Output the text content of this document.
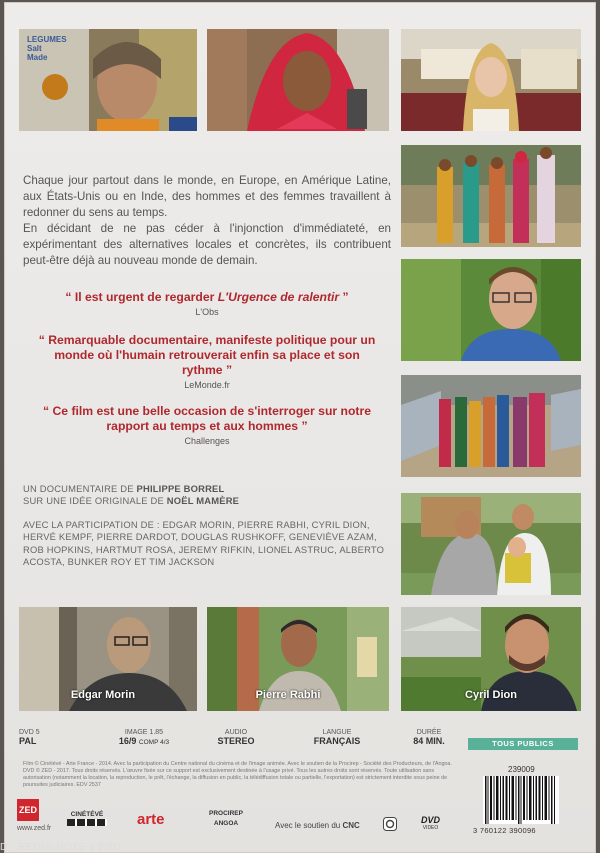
LEGUMES
Salt
Made

Chaque jour partout dans le monde, en Europe, en Amérique Latine, aux États-Unis ou en Inde, des hommes et des femmes travaillent à redonner du sens au temps.

En décidant de ne pas céder à l'injonction d'immédiateté, en expérimentant des alternatives locales et concrètes, ils contribuent peut-être déjà au nouveau monde de demain.

“ Il est urgent de regarder L'Urgence de ralentir ”
L'Obs
“ Remarquable documentaire, manifeste politique pour un monde où l'humain retrouverait enfin sa place et son rythme ”
LeMonde.fr
“ Ce film est une belle occasion de s'interroger sur notre rapport au temps et aux hommes ”
Challenges
UN DOCUMENTAIRE DE PHILIPPE BORREL
SUR UNE IDÉE ORIGINALE DE NOËL MAMÈRE
AVEC LA PARTICIPATION DE : EDGAR MORIN, PIERRE RABHI, CYRIL DION, HERVÉ KEMPF, PIERRE DARDOT, DOUGLAS RUSHKOFF, GENEVIÈVE AZAM, ROB HOPKINS, HARTMUT ROSA, JEREMY RIFKIN, LIONEL ASTRUC, ALBERTO ACOSTA, BUNKER ROY ET TIM JACKSON
Edgar Morin	Pierre Rabhi	Cyril Dion
DVD 5
PAL
IMAGE 1.85
16/9 COMP 4/3
AUDIO
STEREO
LANGUE
FRANÇAIS
DURÉE
84 MIN.	TOUS PUBLICS
Film © Cinétévé - Arte France - 2014. Avec la participation du Centre national du cinéma et de l'image animée. Avec le soutien de la Procirep - Société des Producteurs, de l'Angoa. DVD © ZED - 2017. Tous droits réservés. L'œuvre fixée sur ce support est exclusivement destinée à l'usage privé. Tous les autres droits sont réservés. Toute utilisation sans autorisation (notamment la location, la reproduction, le prêt, l'échange, la diffusion en public, la télédiffusion totale ou partielle, l'exportation) est strictement interdite sous peine de poursuites judiciaires. EDV 2537
239009
3 760122 390096
ZED
www.zed.fr
CINÉTÉVÉ arte	PROCIREP
ANGOA	Avec le soutien du CNC
DVD
VIDEO
D · REDMI NOTE 8 PRO
